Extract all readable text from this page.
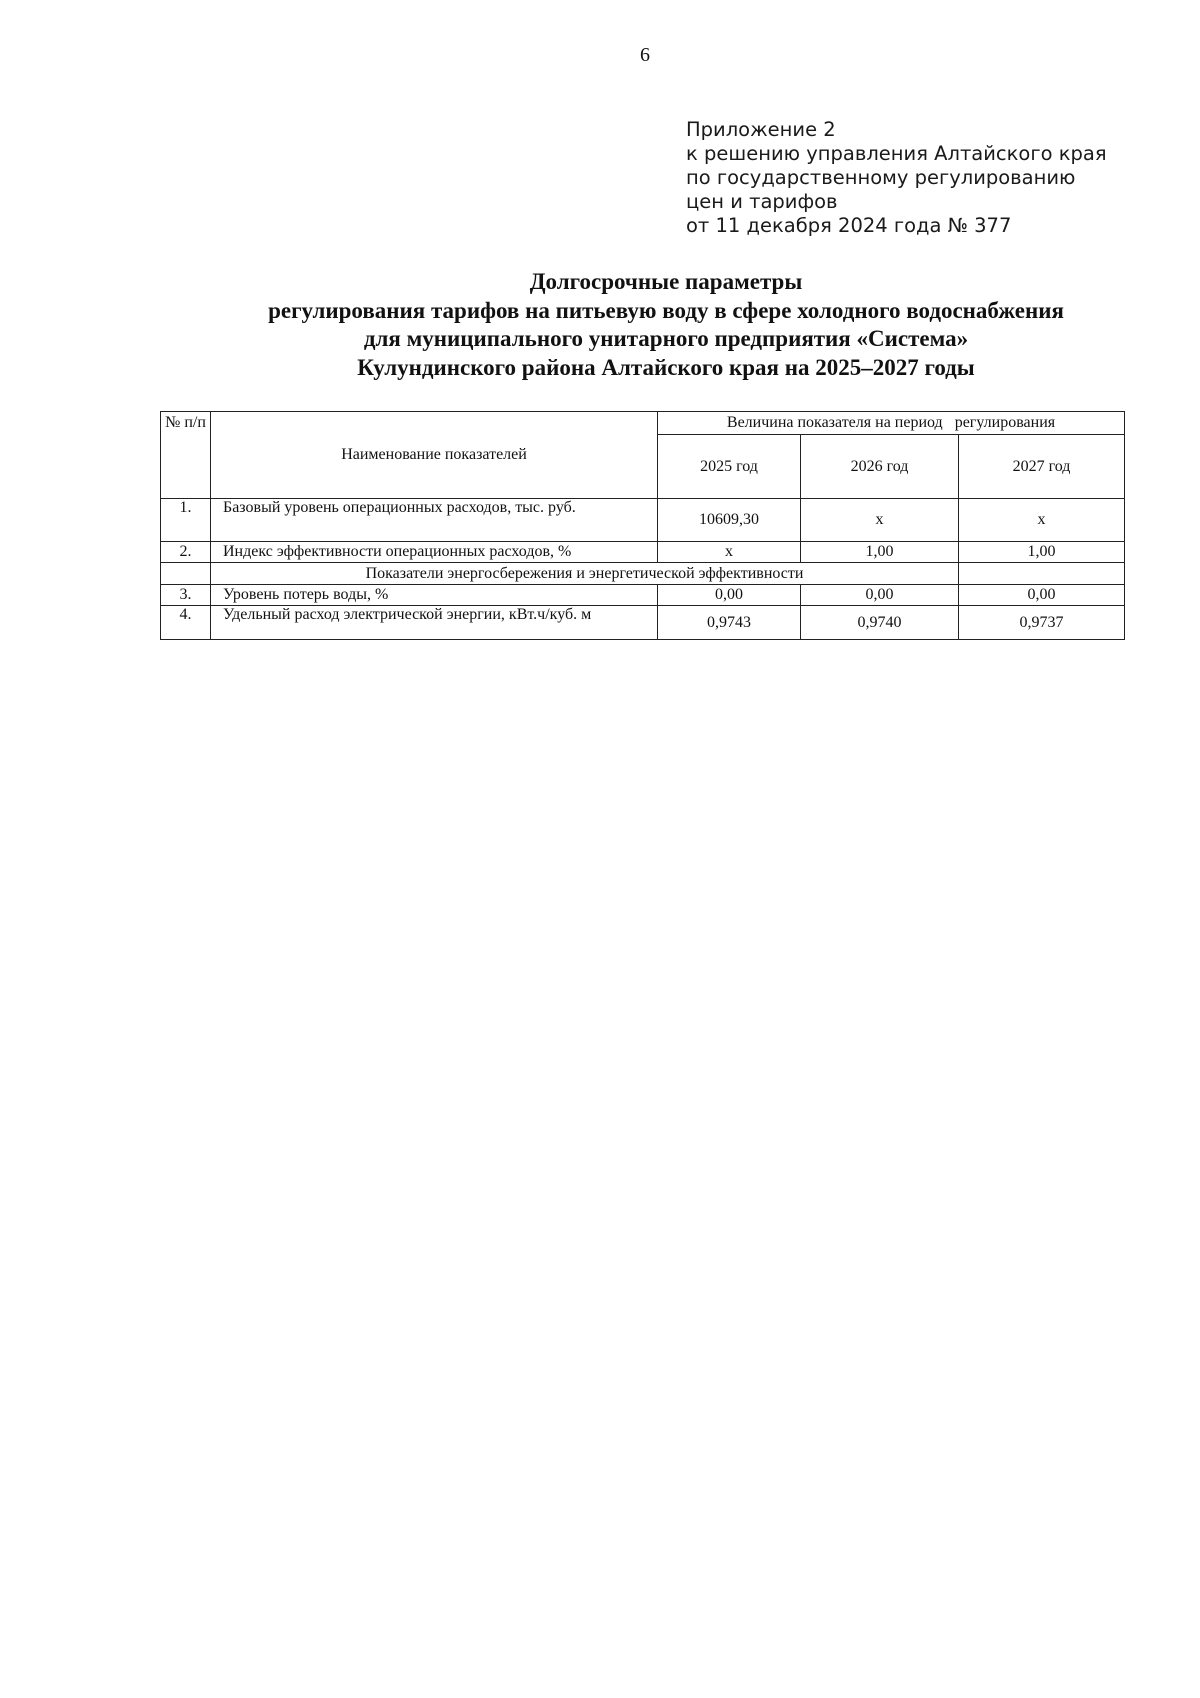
6
Приложение 2
к решению управления Алтайского края
по государственному регулированию
цен и тарифов
от 11 декабря 2024 года № 377
Долгосрочные параметры
регулирования тарифов на питьевую воду в сфере холодного водоснабжения
для муниципального унитарного предприятия «Система»
Кулундинского района Алтайского края на 2025–2027 годы
№ п/п	Наименование показателей	Величина показателя на период   регулирования		
		2025 год	2026 год	2027 год
1.	Базовый уровень операционных расходов, тыс. руб.	10609,30	x	x
2.	Индекс эффективности операционных расходов, %	x	1,00	1,00
	Показатели энергосбережения и энергетической эффективности			
3.	Уровень потерь воды, %	0,00	0,00	0,00
4.	Удельный расход электрической энергии, кВт.ч/куб. м	0,9743	0,9740	0,9737
